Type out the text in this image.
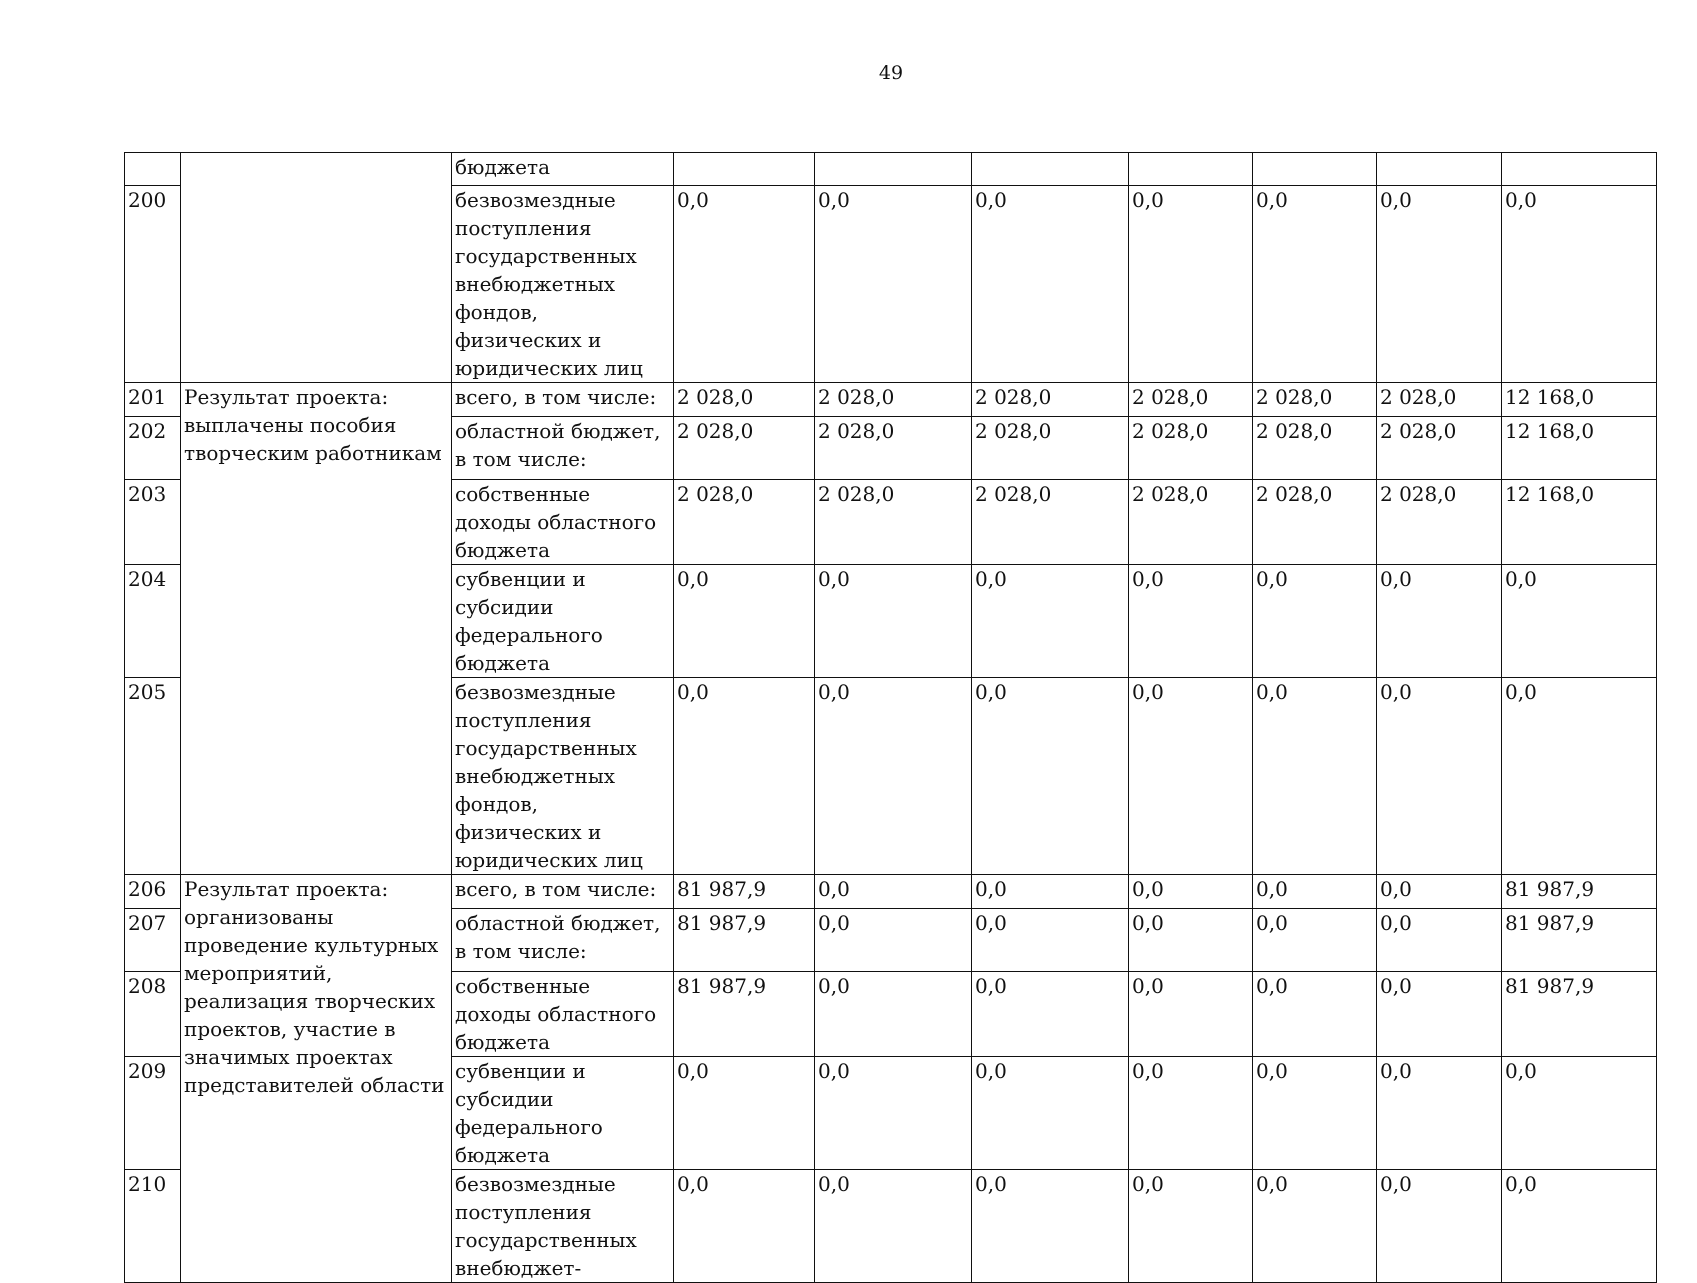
49
		бюджета							
200		безвозмездные поступления государственных внебюджетных фондов, физических и юридических лиц	0,0	0,0	0,0	0,0	0,0	0,0	0,0
201	Результат проекта: выплачены пособия творческим работникам	всего, в том числе:	2 028,0	2 028,0	2 028,0	2 028,0	2 028,0	2 028,0	12 168,0
202		областной бюджет, в том числе:	2 028,0	2 028,0	2 028,0	2 028,0	2 028,0	2 028,0	12 168,0
203		собственные доходы областного бюджета	2 028,0	2 028,0	2 028,0	2 028,0	2 028,0	2 028,0	12 168,0
204		субвенции и субсидии федерального бюджета	0,0	0,0	0,0	0,0	0,0	0,0	0,0
205		безвозмездные поступления государственных внебюджетных фондов, физических и юридических лиц	0,0	0,0	0,0	0,0	0,0	0,0	0,0
206	Результат проекта: организованы проведение культурных мероприятий, реализация творческих проектов, участие в значимых проектах представителей области	всего, в том числе:	81 987,9	0,0	0,0	0,0	0,0	0,0	81 987,9
207		областной бюджет, в том числе:	81 987,9	0,0	0,0	0,0	0,0	0,0	81 987,9
208		собственные доходы областного бюджета	81 987,9	0,0	0,0	0,0	0,0	0,0	81 987,9
209		субвенции и субсидии федерального бюджета	0,0	0,0	0,0	0,0	0,0	0,0	0,0
210		безвозмездные поступления государственных внебюджет-	0,0	0,0	0,0	0,0	0,0	0,0	0,0
